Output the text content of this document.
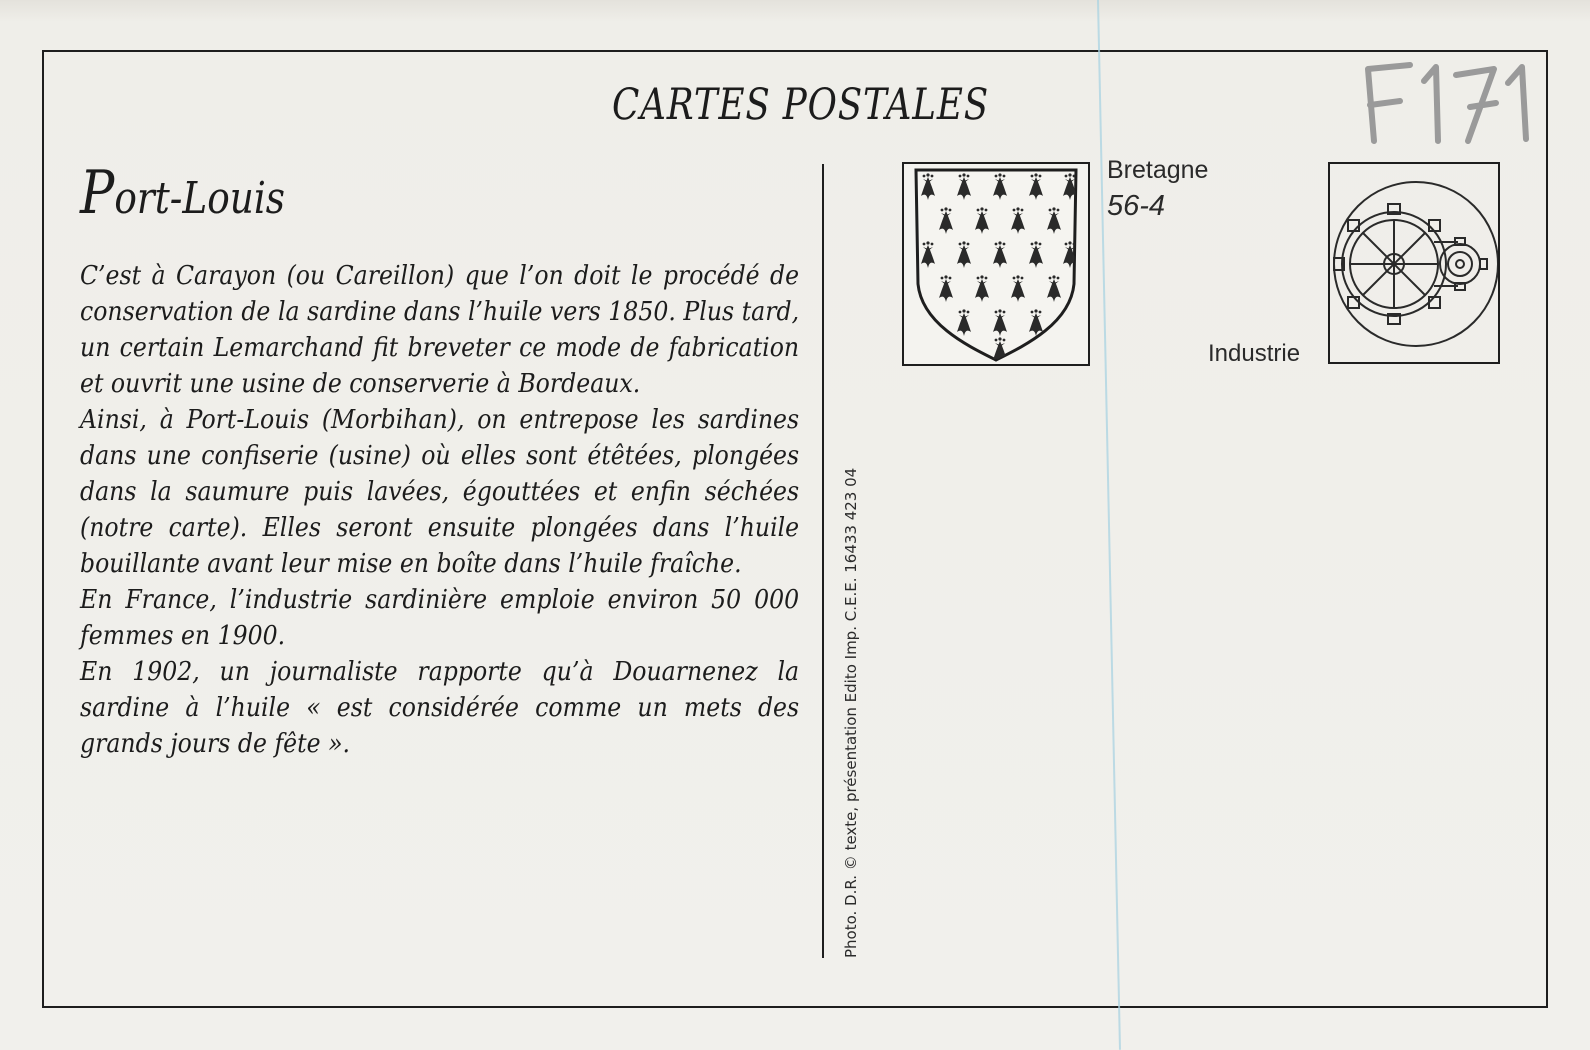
CARTES POSTALES
Port-Louis

C’est à Carayon (ou Careillon) que l’on doit le procédé de conservation de la sardine dans l’huile vers 1850. Plus tard, un certain Lemarchand fit breveter ce mode de fabrication et ouvrit une usine de conserverie à Bordeaux.

Ainsi, à Port-Louis (Morbihan), on entrepose les sardines dans une confiserie (usine) où elles sont étêtées, plongées dans la saumure puis lavées, égouttées et enfin séchées (notre carte). Elles seront ensuite plongées dans l’huile bouillante avant leur mise en boîte dans l’huile fraîche.

En France, l’industrie sardinière emploie environ 50 000 femmes en 1900.

En 1902, un journaliste rapporte qu’à Douarnenez la sardine à l’huile « est considérée comme un mets des grands jours de fête ».	Photo. D.R. © texte, présentation Edito Imp. C.E.E. 16433 423 04
Bretagne
56-4
Industrie
